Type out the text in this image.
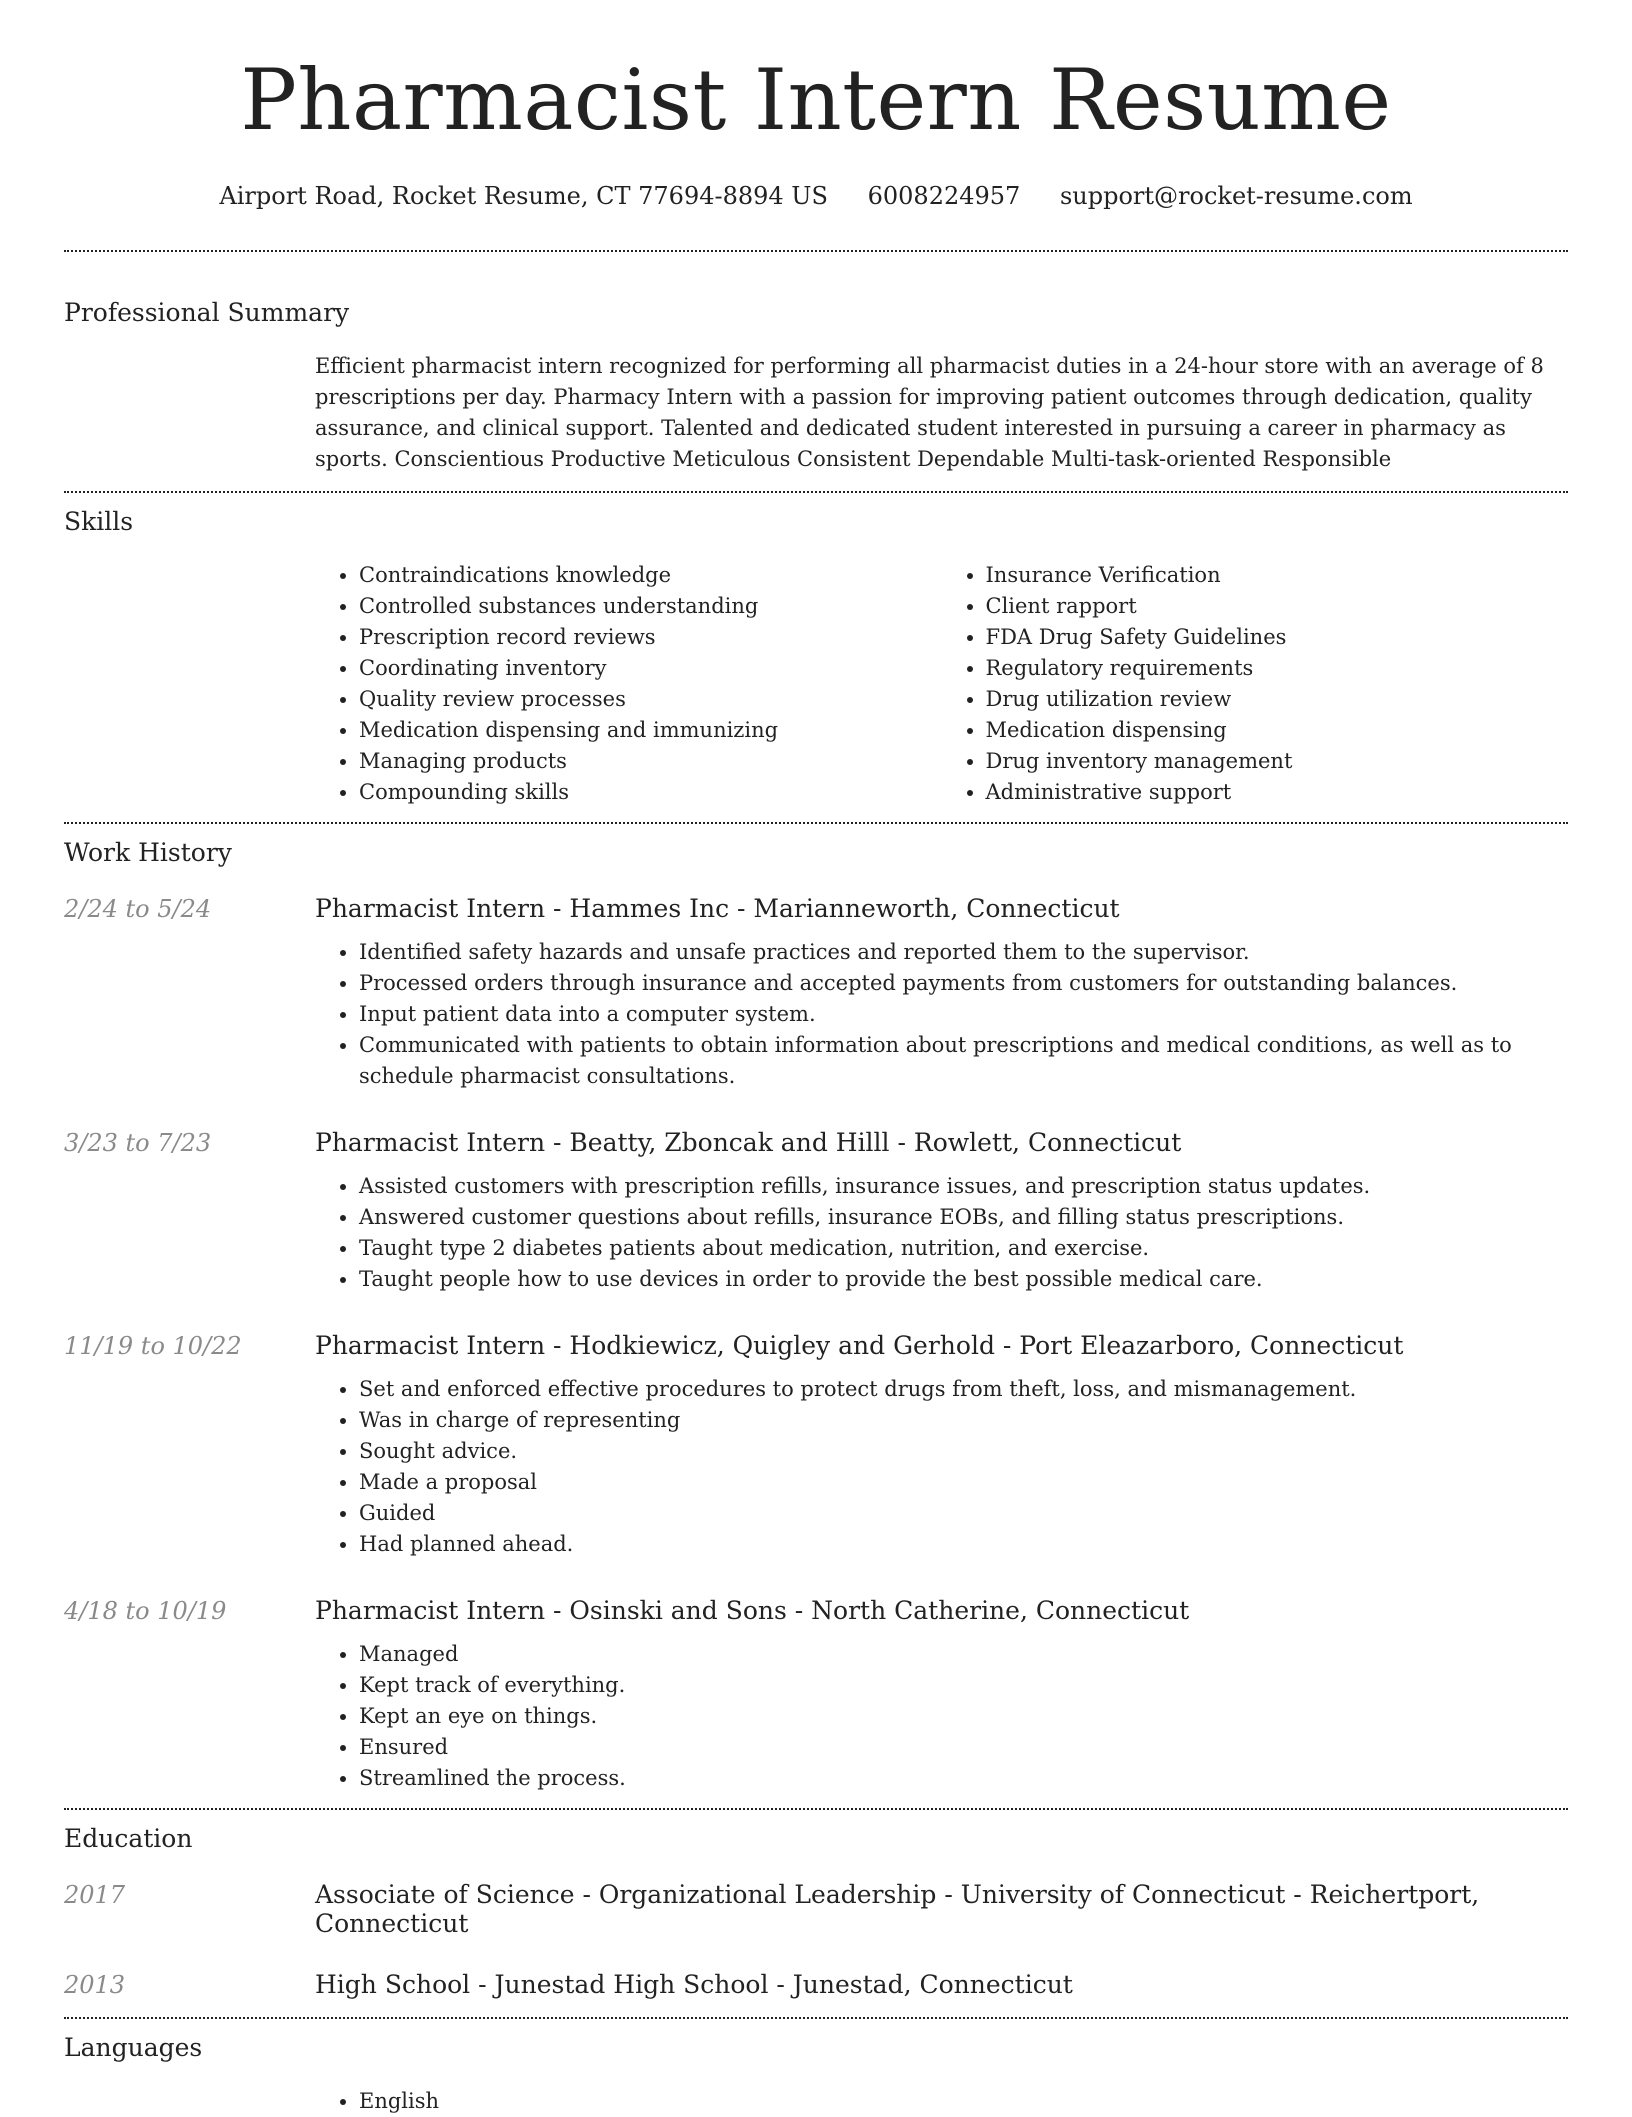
Pharmacist Intern Resume
Airport Road, Rocket Resume, CT 77694-8894 US 6008224957 support@rocket-resume.com
Professional Summary

Efficient pharmacist intern recognized for performing all pharmacist duties in a 24-hour store with an average of 8 prescriptions per day. Pharmacy Intern with a passion for improving patient outcomes through dedication, quality assurance, and clinical support. Talented and dedicated student interested in pursuing a career in pharmacy as sports. Conscientious Productive Meticulous Consistent Dependable Multi-task-oriented Responsible

Skills
• Contraindications knowledge
• Controlled substances understanding
• Prescription record reviews
• Coordinating inventory
• Quality review processes
• Medication dispensing and immunizing
• Managing products
• Compounding skills
• Insurance Verification
• Client rapport
• FDA Drug Safety Guidelines
• Regulatory requirements
• Drug utilization review
• Medication dispensing
• Drug inventory management
• Administrative support
Work History
2/24 to 5/24	Pharmacist Intern - Hammes Inc - Marianneworth, Connecticut
• Identified safety hazards and unsafe practices and reported them to the supervisor.
• Processed orders through insurance and accepted payments from customers for outstanding balances.
• Input patient data into a computer system.
• Communicated with patients to obtain information about prescriptions and medical conditions, as well as to schedule pharmacist consultations.
3/23 to 7/23	Pharmacist Intern - Beatty, Zboncak and Hilll - Rowlett, Connecticut
• Assisted customers with prescription refills, insurance issues, and prescription status updates.
• Answered customer questions about refills, insurance EOBs, and filling status prescriptions.
• Taught type 2 diabetes patients about medication, nutrition, and exercise.
• Taught people how to use devices in order to provide the best possible medical care.
11/19 to 10/22	Pharmacist Intern - Hodkiewicz, Quigley and Gerhold - Port Eleazarboro, Connecticut
• Set and enforced effective procedures to protect drugs from theft, loss, and mismanagement.
• Was in charge of representing
• Sought advice.
• Made a proposal
• Guided
• Had planned ahead.
4/18 to 10/19	Pharmacist Intern - Osinski and Sons - North Catherine, Connecticut
• Managed
• Kept track of everything.
• Kept an eye on things.
• Ensured
• Streamlined the process.
Education
2017	Associate of Science - Organizational Leadership - University of Connecticut - Reichertport, Connecticut
2013	High School - Junestad High School - Junestad, Connecticut
Languages
• English
